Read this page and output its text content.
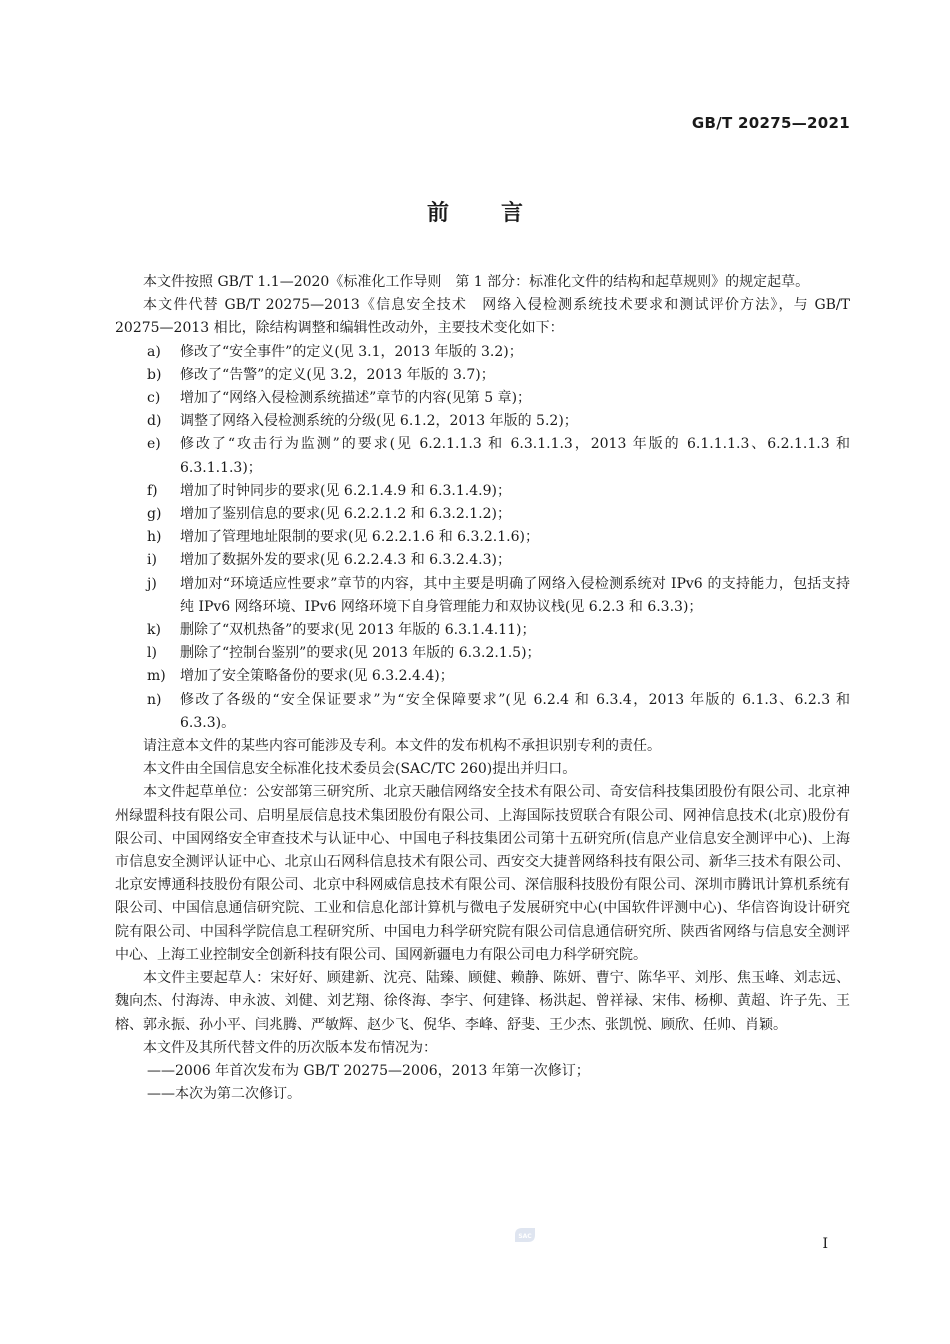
GB/T 20275—2021
前言

本文件按照 GB/T 1.1—2020《标准化工作导则　第 1 部分：标准化文件的结构和起草规则》的规定起草。

本文件代替 GB/T 20275—2013《信息安全技术　网络入侵检测系统技术要求和测试评价方法》，与 GB/T 20275—2013 相比，除结构调整和编辑性改动外，主要技术变化如下：

a) 修改了“安全事件”的定义(见 3.1，2013 年版的 3.2)；
b) 修改了“告警”的定义(见 3.2，2013 年版的 3.7)；
c) 增加了“网络入侵检测系统描述”章节的内容(见第 5 章)；
d) 调整了网络入侵检测系统的分级(见 6.1.2，2013 年版的 5.2)；
e) 修改了“攻击行为监测”的要求(见 6.2.1.1.3 和 6.3.1.1.3，2013 年版的 6.1.1.1.3、6.2.1.1.3 和 6.3.1.1.3)；
f) 增加了时钟同步的要求(见 6.2.1.4.9 和 6.3.1.4.9)；
g) 增加了鉴别信息的要求(见 6.2.2.1.2 和 6.3.2.1.2)；
h) 增加了管理地址限制的要求(见 6.2.2.1.6 和 6.3.2.1.6)；
i) 增加了数据外发的要求(见 6.2.2.4.3 和 6.3.2.4.3)；
j) 增加对“环境适应性要求”章节的内容，其中主要是明确了网络入侵检测系统对 IPv6 的支持能力，包括支持纯 IPv6 网络环境、IPv6 网络环境下自身管理能力和双协议栈(见 6.2.3 和 6.3.3)；
k) 删除了“双机热备”的要求(见 2013 年版的 6.3.1.4.11)；
l) 删除了“控制台鉴别”的要求(见 2013 年版的 6.3.2.1.5)；
m) 增加了安全策略备份的要求(见 6.3.2.4.4)；
n) 修改了各级的“安全保证要求”为“安全保障要求”(见 6.2.4 和 6.3.4，2013 年版的 6.1.3、6.2.3 和 6.3.3)。

请注意本文件的某些内容可能涉及专利。本文件的发布机构不承担识别专利的责任。

本文件由全国信息安全标准化技术委员会(SAC/TC 260)提出并归口。

本文件起草单位：公安部第三研究所、北京天融信网络安全技术有限公司、奇安信科技集团股份有限公司、北京神州绿盟科技有限公司、启明星辰信息技术集团股份有限公司、上海国际技贸联合有限公司、网神信息技术(北京)股份有限公司、中国网络安全审查技术与认证中心、中国电子科技集团公司第十五研究所(信息产业信息安全测评中心)、上海市信息安全测评认证中心、北京山石网科信息技术有限公司、西安交大捷普网络科技有限公司、新华三技术有限公司、北京安博通科技股份有限公司、北京中科网威信息技术有限公司、深信服科技股份有限公司、深圳市腾讯计算机系统有限公司、中国信息通信研究院、工业和信息化部计算机与微电子发展研究中心(中国软件评测中心)、华信咨询设计研究院有限公司、中国科学院信息工程研究所、中国电力科学研究院有限公司信息通信研究所、陕西省网络与信息安全测评中心、上海工业控制安全创新科技有限公司、国网新疆电力有限公司电力科学研究院。

本文件主要起草人：宋好好、顾建新、沈亮、陆臻、顾健、赖静、陈妍、曹宁、陈华平、刘彤、焦玉峰、刘志远、魏向杰、付海涛、申永波、刘健、刘艺翔、徐佟海、李宇、何建锋、杨洪起、曾祥禄、宋伟、杨柳、黄超、许子先、王榕、郭永振、孙小平、闫兆腾、严敏辉、赵少飞、倪华、李峰、舒斐、王少杰、张凯悦、顾欣、任帅、肖颖。

本文件及其所代替文件的历次版本发布情况为：

——2006 年首次发布为 GB/T 20275—2006，2013 年第一次修订；
——本次为第二次修订。
SAC	I
